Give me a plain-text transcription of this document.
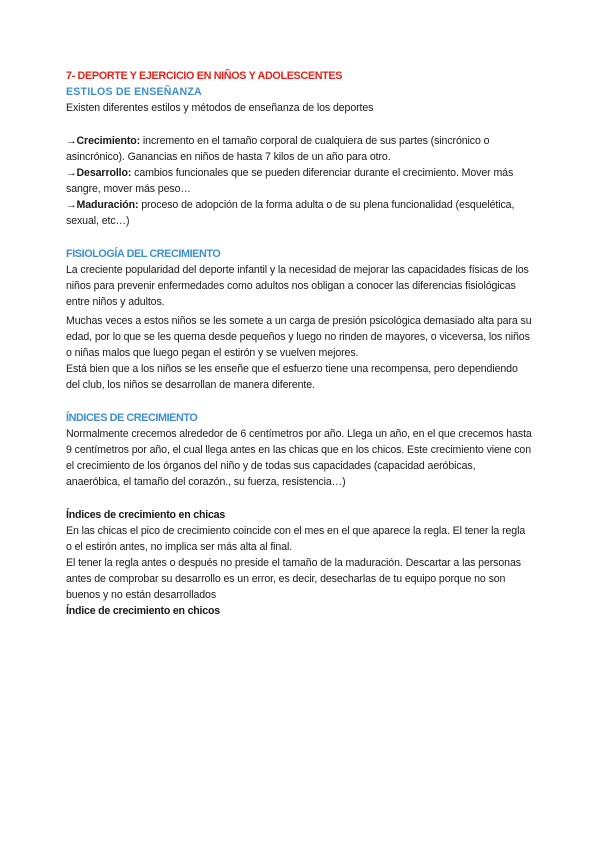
7- DEPORTE Y EJERCICIO EN NIÑOS Y ADOLESCENTES
ESTILOS DE ENSEÑANZA

Existen diferentes estilos y métodos de enseñanza de los deportes

→Crecimiento: incremento en el tamaño corporal de cualquiera de sus partes (sincrónico o asincrónico). Ganancias en niños de hasta 7 kilos de un año para otro.

→Desarrollo: cambios funcionales que se pueden diferenciar durante el crecimiento. Mover más sangre, mover más peso…

→Maduración: proceso de adopción de la forma adulta o de su plena funcionalidad (esquelética, sexual, etc…)

FISIOLOGÍA DEL CRECIMIENTO

La creciente popularidad del deporte infantil y la necesidad de mejorar las capacidades físicas de los niños para prevenir enfermedades como adultos nos obligan a conocer las diferencias fisiológicas entre niños y adultos.

Muchas veces a estos niños se les somete a un carga de presión psicológica demasiado alta para su edad, por lo que se les quema desde pequeños y luego no rinden de mayores, o viceversa, los niños o niñas malos que luego pegan el estirón y se vuelven mejores.

Está bien que a los niños se les enseñe que el esfuerzo tiene una recompensa, pero dependiendo del club, los niños se desarrollan de manera diferente.

ÍNDICES DE CRECIMIENTO

Normalmente crecemos alrededor de 6 centímetros por año. Llega un año, en el que crecemos hasta 9 centímetros por año, el cual llega antes en las chicas que en los chicos. Este crecimiento viene con el crecimiento de los órganos del niño y de todas sus capacidades (capacidad aeróbicas, anaeróbica, el tamaño del corazón., su fuerza, resistencia…)

Índices de crecimiento en chicas

En las chicas el pico de crecimiento coincide con el mes en el que aparece la regla. El tener la regla o el estirón antes, no implica ser más alta al final.

El tener la regla antes o después no preside el tamaño de la maduración. Descartar a las personas antes de comprobar su desarrollo es un error, es decir, desecharlas de tu equipo porque no son buenos y no están desarrollados

Índice de crecimiento en chicos
